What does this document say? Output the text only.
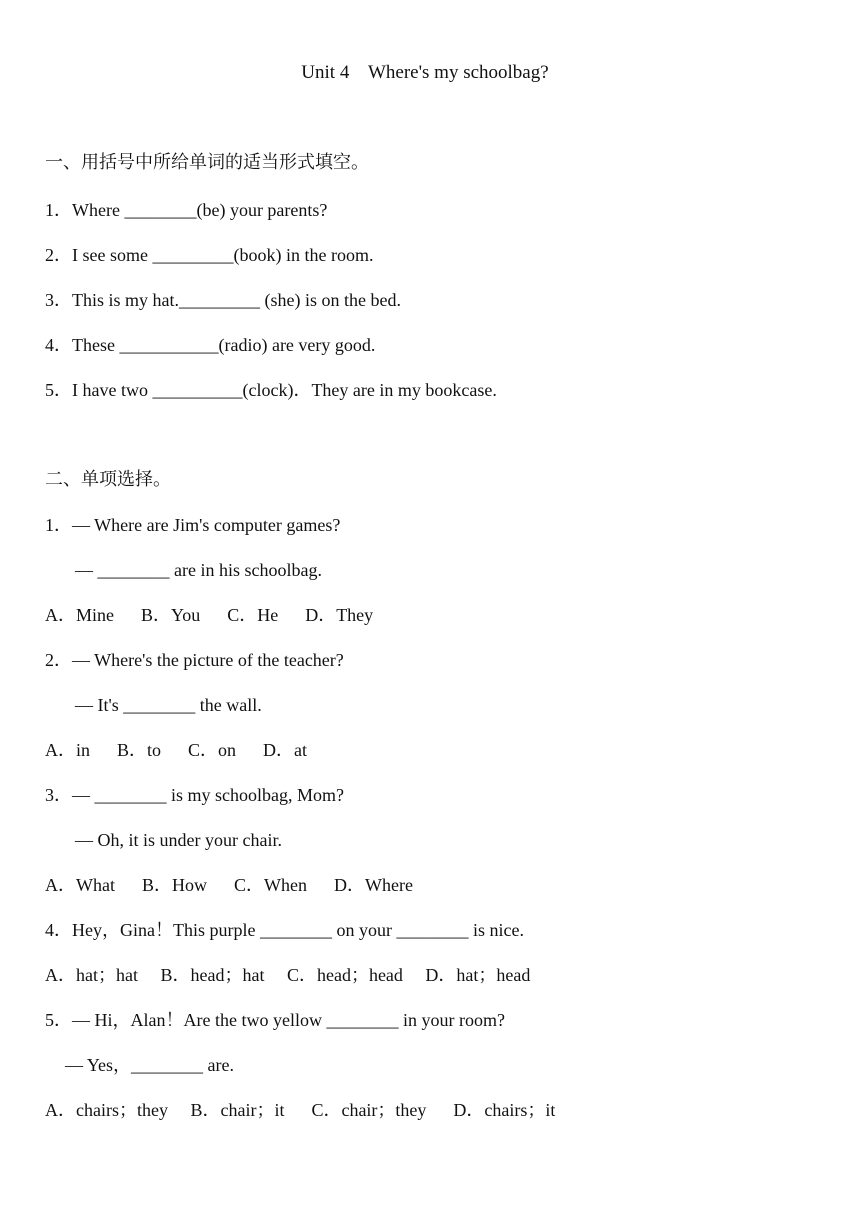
Unit 4    Where's my schoolbag?
一、用括号中所给单词的适当形式填空。
1．Where ________(be) your parents?
2．I see some _________(book) in the room.
3．This is my hat._________ (she) is on the bed.
4．These ___________(radio) are very good.
5．I have two __________(clock)．They are in my bookcase.
二、单项选择。
1．— Where are Jim's computer games?
— ________ are in his schoolbag.
A．Mine      B．You      C．He      D．They
2．— Where's the picture of the teacher?
— It's ________ the wall.
A．in      B．to      C．on      D．at
3．— ________ is my schoolbag, Mom?
— Oh, it is under your chair.
A．What      B．How      C．When      D．Where
4．Hey，Gina！This purple ________ on your ________ is nice.
A．hat；hat     B．head；hat     C．head；head     D．hat；head
5．— Hi，Alan！Are the two yellow ________ in your room?
— Yes，________ are.
A．chairs；they     B．chair；it      C．chair；they      D．chairs；it
